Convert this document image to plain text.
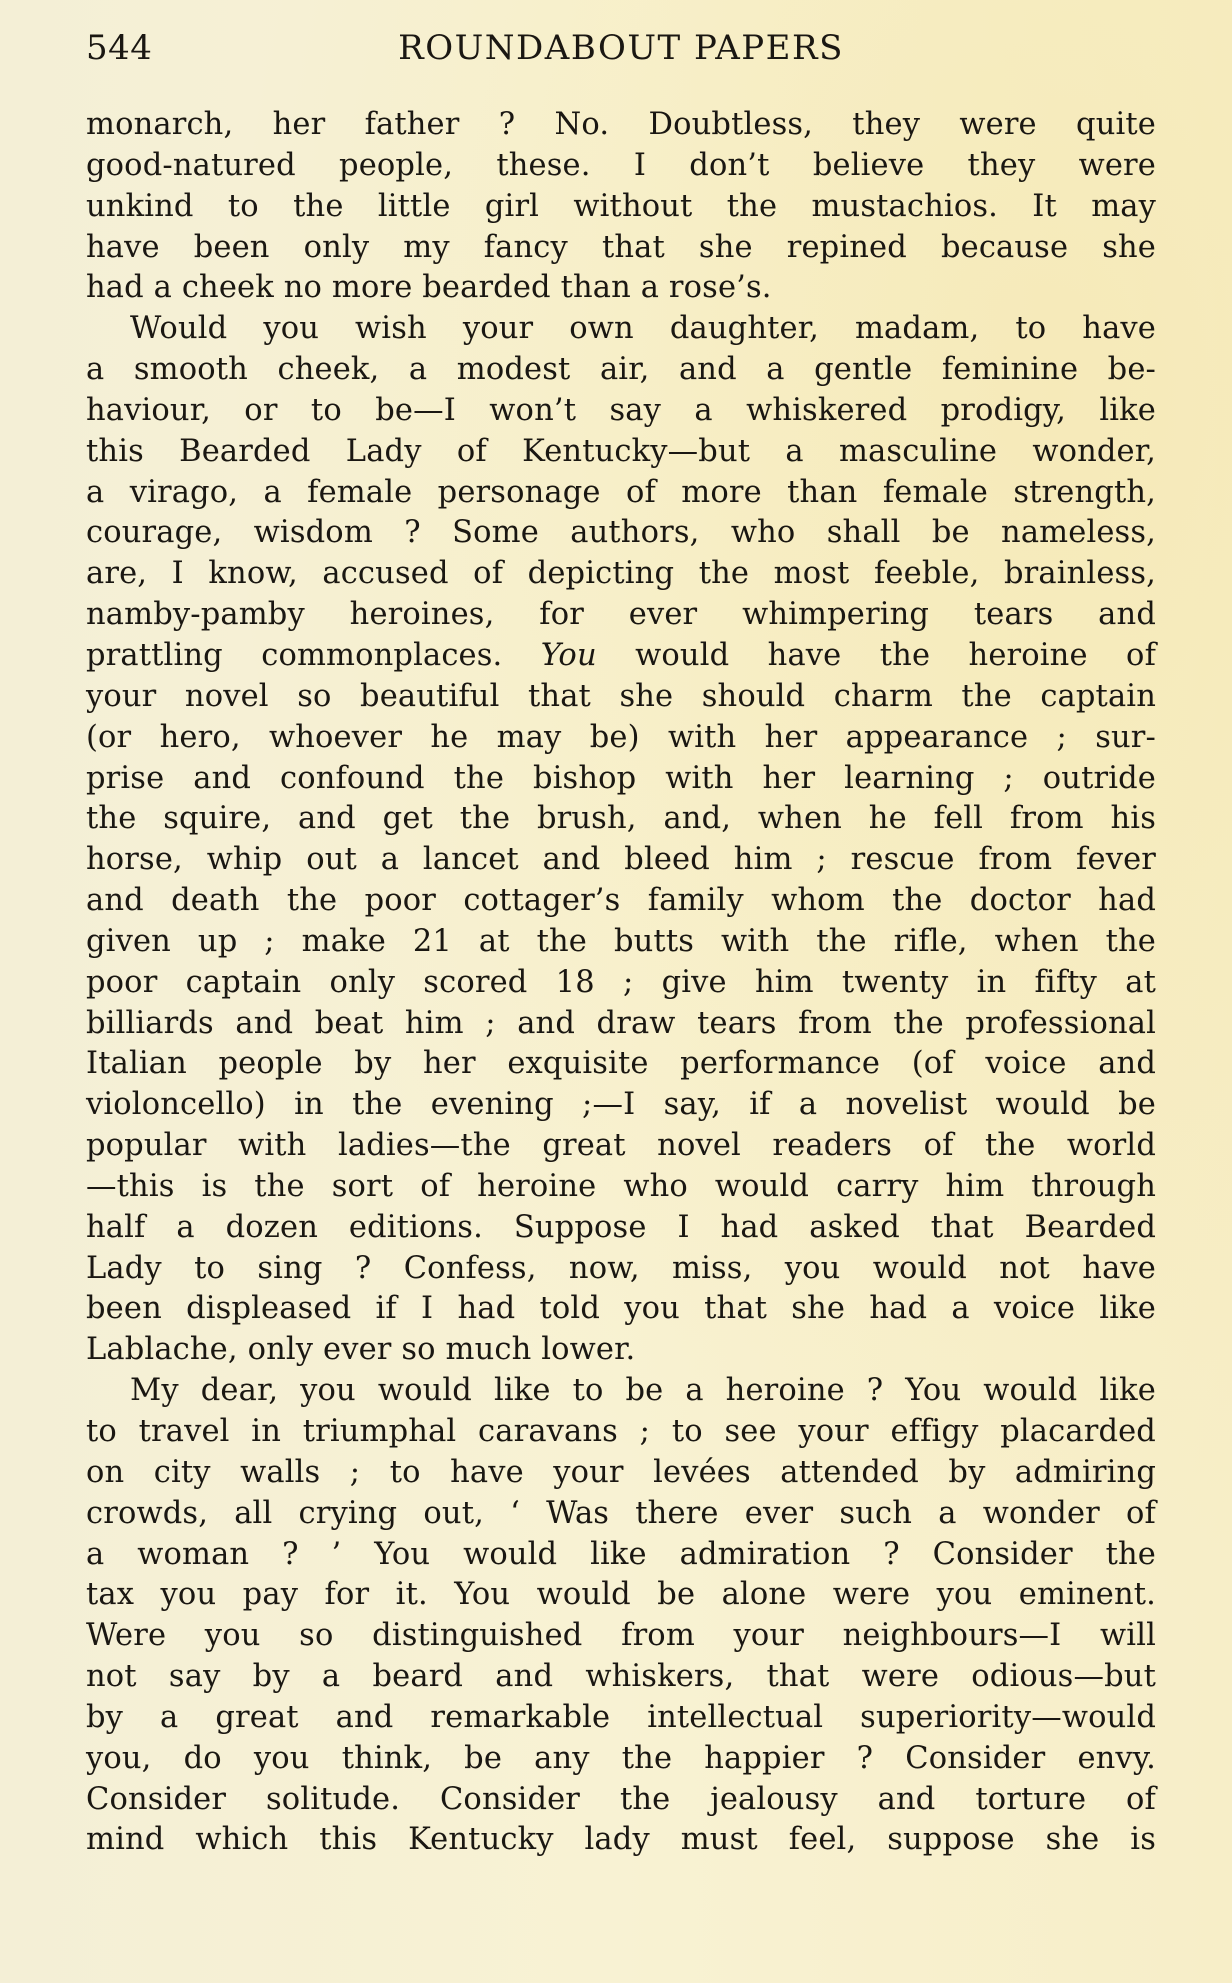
544	ROUNDABOUT PAPERS
monarch, her father ? No. Doubtless, they were quite
good-natured people, these. I don’t believe they were
unkind to the little girl without the mustachios. It may
have been only my fancy that she repined because she
had a cheek no more bearded than a rose’s.
Would you wish your own daughter, madam, to have
a smooth cheek, a modest air, and a gentle feminine be-
haviour, or to be—I won’t say a whiskered prodigy, like
this Bearded Lady of Kentucky—but a masculine wonder,
a virago, a female personage of more than female strength,
courage, wisdom ? Some authors, who shall be nameless,
are, I know, accused of depicting the most feeble, brainless,
namby-pamby heroines, for ever whimpering tears and
prattling commonplaces. You would have the heroine of
your novel so beautiful that she should charm the captain
(or hero, whoever he may be) with her appearance ; sur-
prise and confound the bishop with her learning ; outride
the squire, and get the brush, and, when he fell from his
horse, whip out a lancet and bleed him ; rescue from fever
and death the poor cottager’s family whom the doctor had
given up ; make 21 at the butts with the rifle, when the
poor captain only scored 18 ; give him twenty in fifty at
billiards and beat him ; and draw tears from the professional
Italian people by her exquisite performance (of voice and
violoncello) in the evening ;—I say, if a novelist would be
popular with ladies—the great novel readers of the world
—this is the sort of heroine who would carry him through
half a dozen editions. Suppose I had asked that Bearded
Lady to sing ? Confess, now, miss, you would not have
been displeased if I had told you that she had a voice like
Lablache, only ever so much lower.
My dear, you would like to be a heroine ? You would like
to travel in triumphal caravans ; to see your effigy placarded
on city walls ; to have your levées attended by admiring
crowds, all crying out, ‘ Was there ever such a wonder of
a woman ? ’ You would like admiration ? Consider the
tax you pay for it. You would be alone were you eminent.
Were you so distinguished from your neighbours—I will
not say by a beard and whiskers, that were odious—but
by a great and remarkable intellectual superiority—would
you, do you think, be any the happier ? Consider envy.
Consider solitude. Consider the jealousy and torture of
mind which this Kentucky lady must feel, suppose she is
